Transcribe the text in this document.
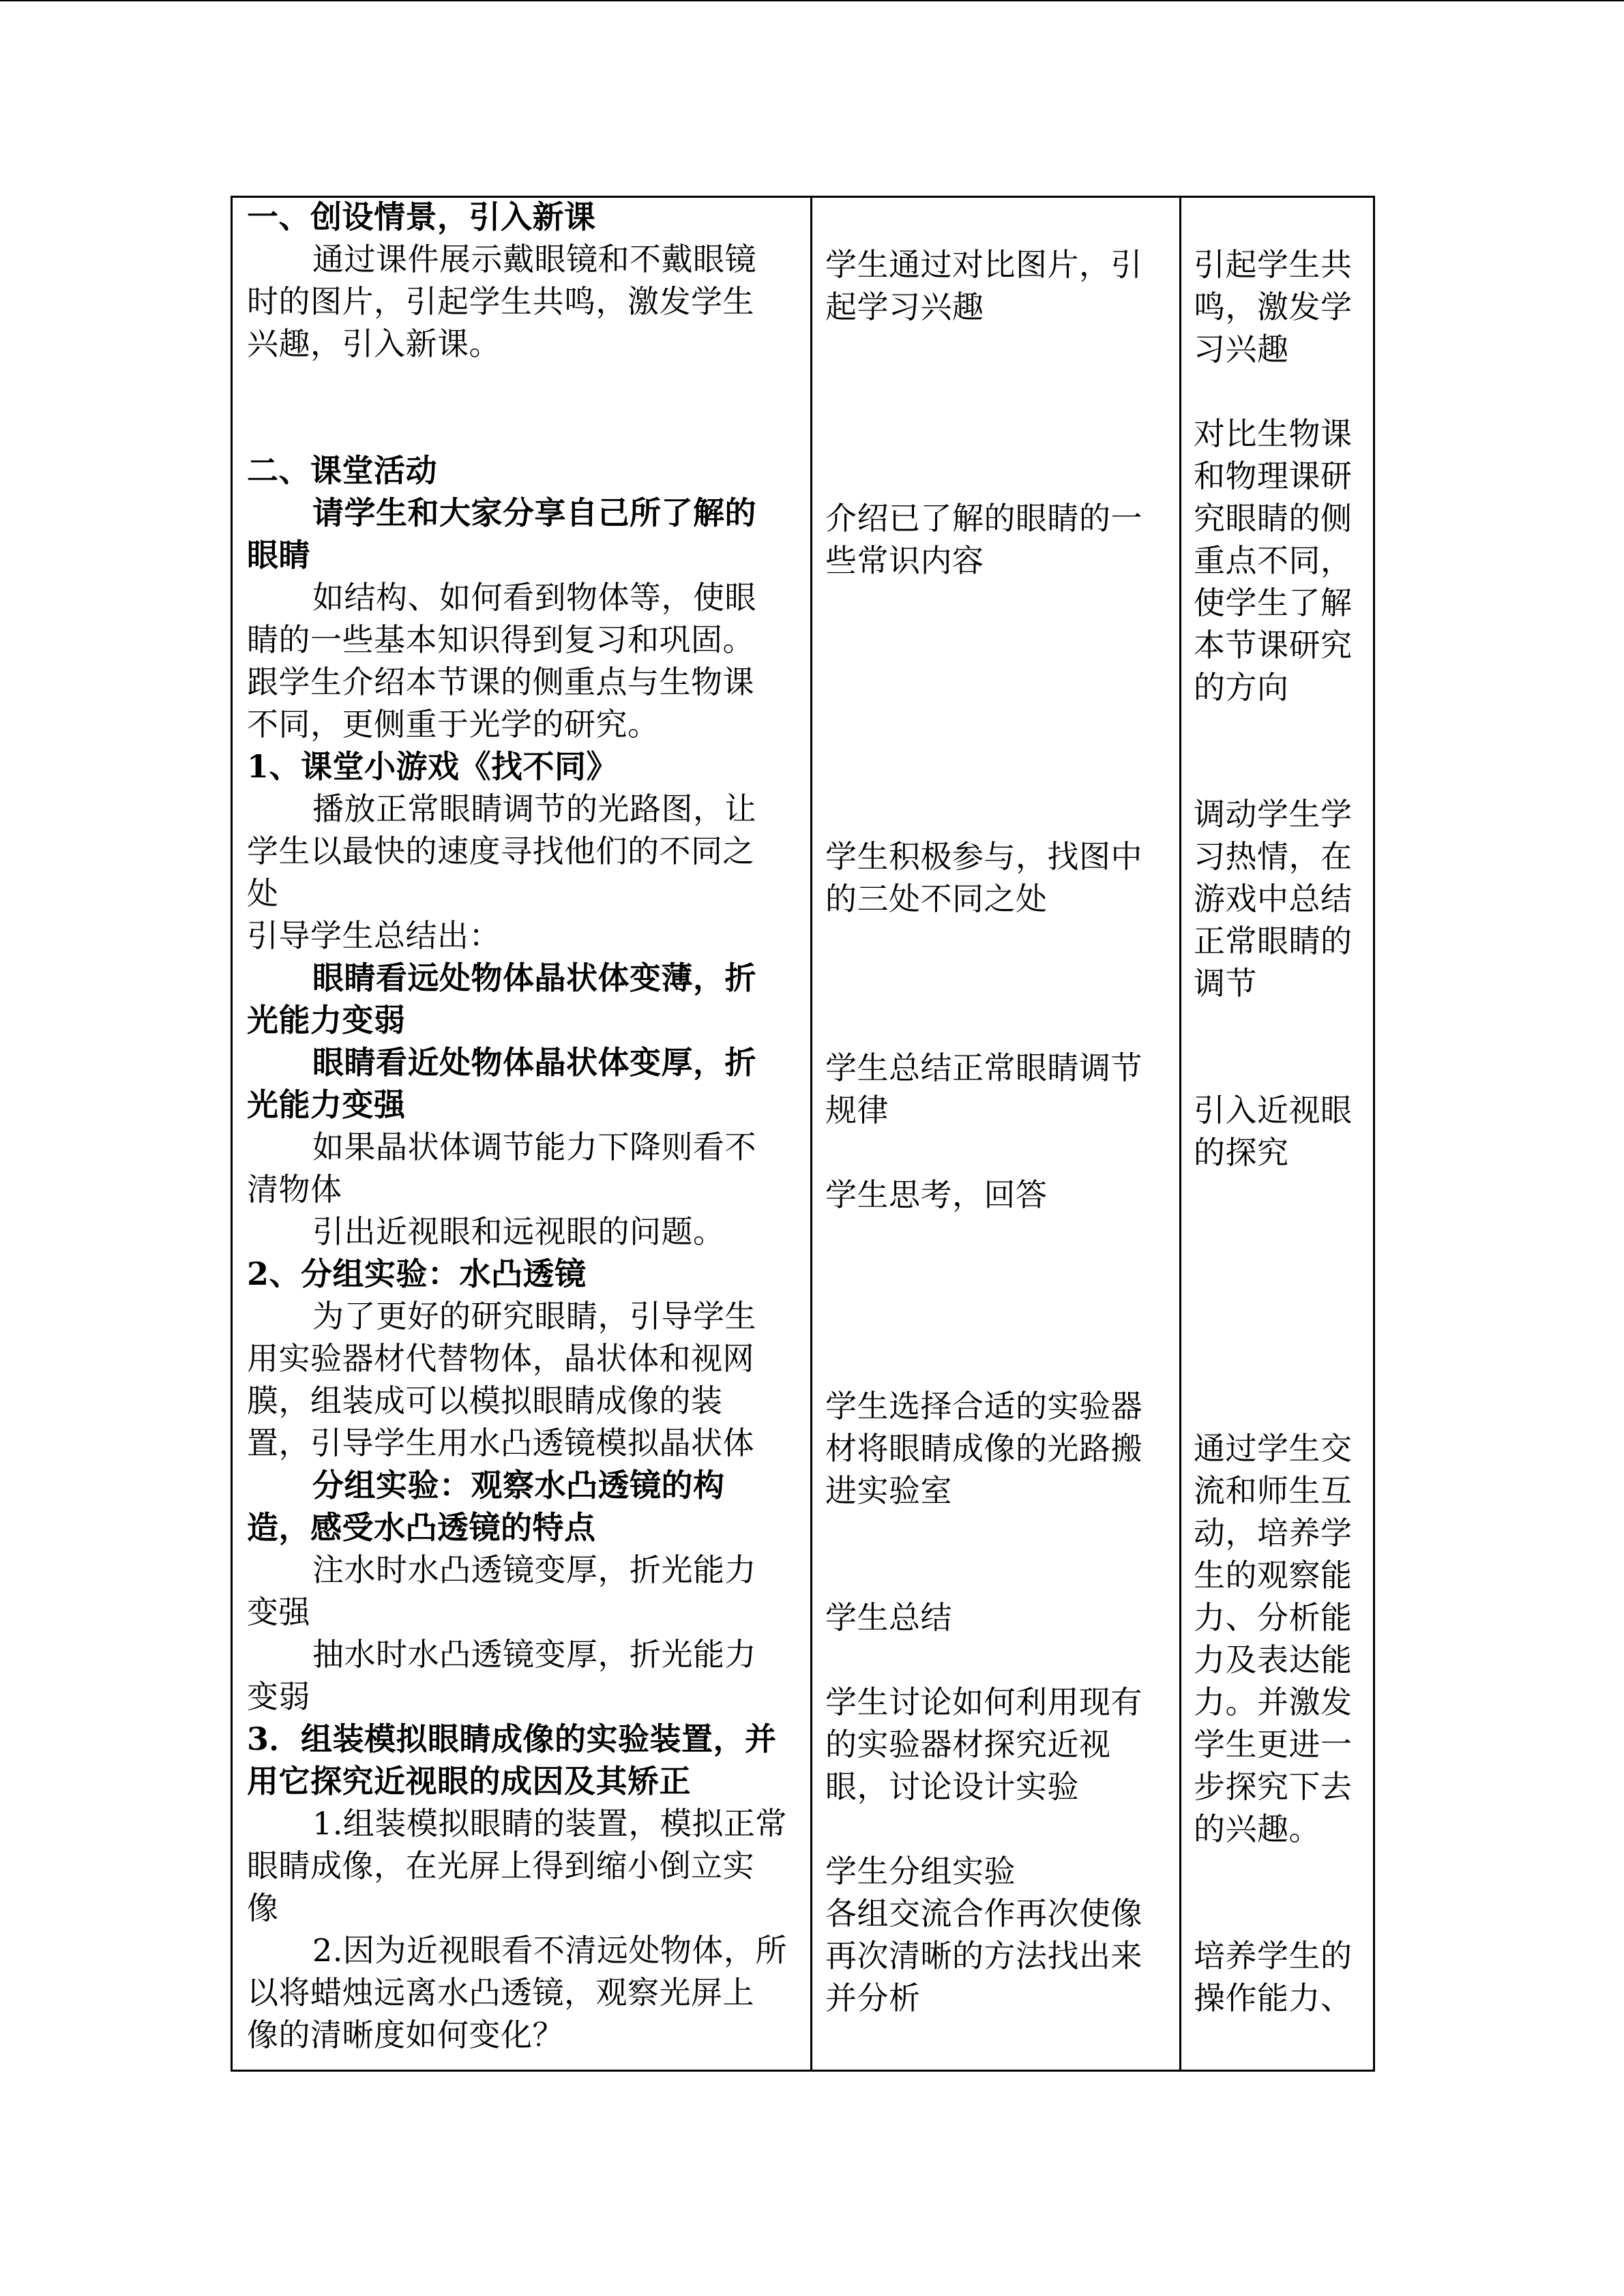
一、创设情景，引入新课
通过课件展示戴眼镜和不戴眼镜
时的图片，引起学生共鸣，激发学生
兴趣，引入新课。
二、课堂活动
请学生和大家分享自己所了解的
眼睛
如结构、如何看到物体等，使眼
睛的一些基本知识得到复习和巩固。
跟学生介绍本节课的侧重点与生物课
不同，更侧重于光学的研究。
1、课堂小游戏《找不同》
播放正常眼睛调节的光路图，让
学生以最快的速度寻找他们的不同之
处
引导学生总结出：
眼睛看远处物体晶状体变薄，折
光能力变弱
眼睛看近处物体晶状体变厚，折
光能力变强
如果晶状体调节能力下降则看不
清物体
引出近视眼和远视眼的问题。
2、分组实验：水凸透镜
为了更好的研究眼睛，引导学生
用实验器材代替物体，晶状体和视网
膜，组装成可以模拟眼睛成像的装
置，引导学生用水凸透镜模拟晶状体
分组实验：观察水凸透镜的构
造，感受水凸透镜的特点
注水时水凸透镜变厚，折光能力
变强
抽水时水凸透镜变厚，折光能力
变弱
3．组装模拟眼睛成像的实验装置，并
用它探究近视眼的成因及其矫正
1.组装模拟眼睛的装置，模拟正常
眼睛成像，在光屏上得到缩小倒立实
像
2.因为近视眼看不清远处物体，所
以将蜡烛远离水凸透镜，观察光屏上
像的清晰度如何变化？
学生通过对比图片，引
起学习兴趣
介绍已了解的眼睛的一
些常识内容
学生积极参与，找图中
的三处不同之处
学生总结正常眼睛调节
规律
学生思考，回答
学生选择合适的实验器
材将眼睛成像的光路搬
进实验室
学生总结
学生讨论如何利用现有
的实验器材探究近视
眼，讨论设计实验
学生分组实验
各组交流合作再次使像
再次清晰的方法找出来
并分析
引起学生共
鸣，激发学
习兴趣
对比生物课
和物理课研
究眼睛的侧
重点不同，
使学生了解
本节课研究
的方向
调动学生学
习热情，在
游戏中总结
正常眼睛的
调节
引入近视眼
的探究
通过学生交
流和师生互
动，培养学
生的观察能
力、分析能
力及表达能
力。并激发
学生更进一
步探究下去
的兴趣。
培养学生的
操作能力、
